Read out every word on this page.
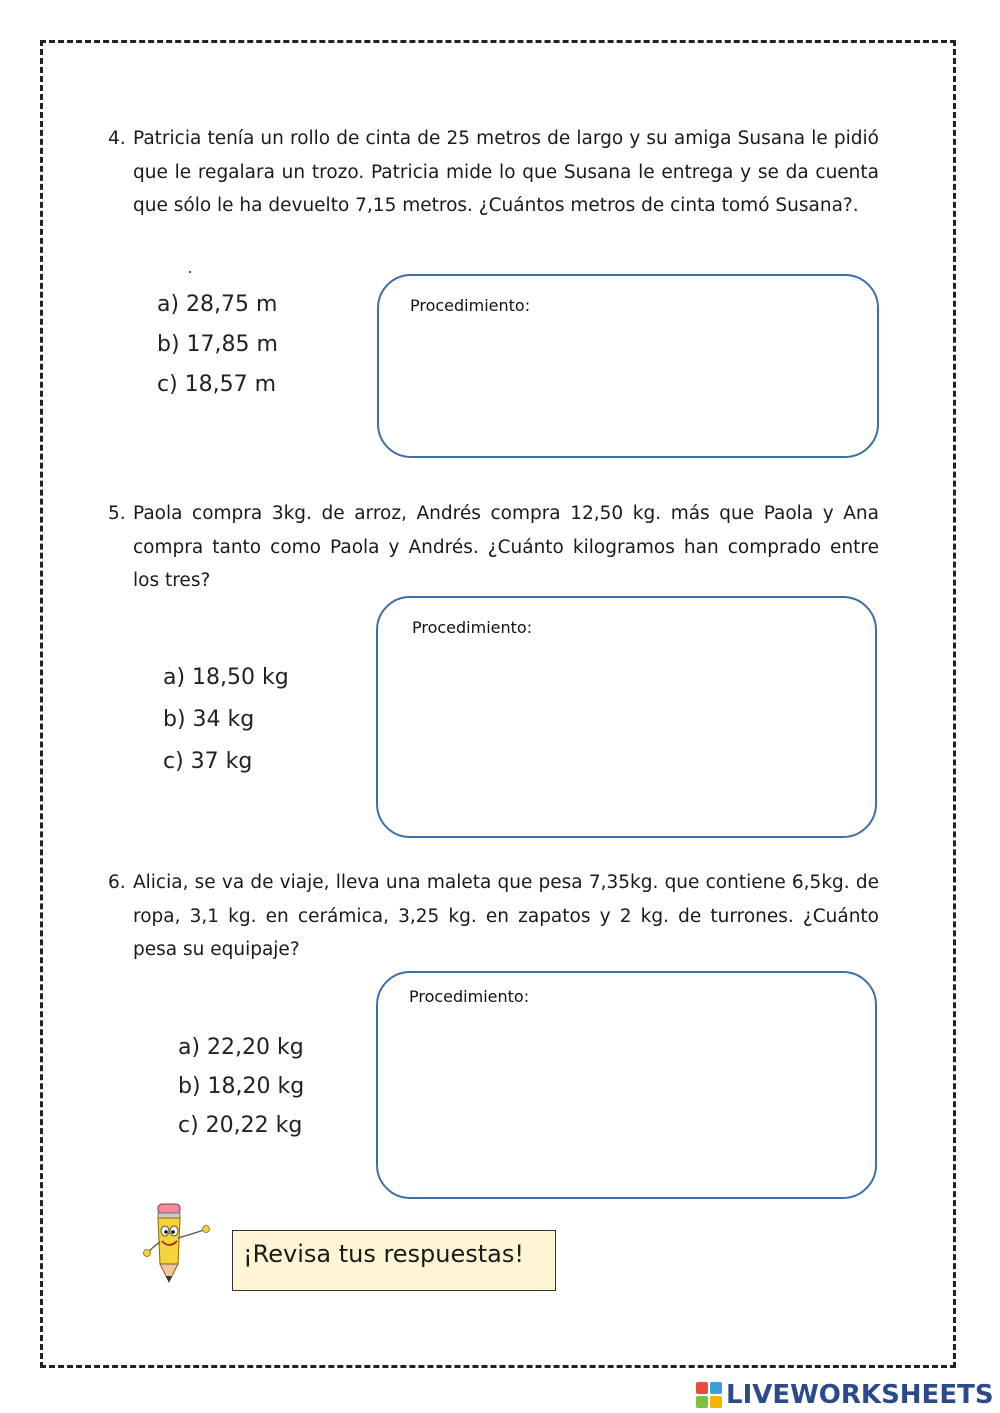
4. Patricia tenía un rollo de cinta de 25 metros de largo y su amiga Susana le pidió que le regalara un trozo. Patricia mide lo que Susana le entrega y se da cuenta que sólo le ha devuelto 7,15 metros. ¿Cuántos metros de cinta tomó Susana?.
a) 28,75 m
b) 17,85 m
c) 18,57 m
Procedimiento:
5. Paola compra 3kg. de arroz, Andrés compra 12,50 kg. más que Paola y Ana compra tanto como Paola y Andrés. ¿Cuánto kilogramos han comprado entre los tres?
a) 18,50 kg
b) 34 kg
c) 37 kg
Procedimiento:
6. Alicia, se va de viaje, lleva una maleta que pesa 7,35kg. que contiene 6,5kg. de ropa, 3,1 kg. en cerámica, 3,25 kg. en zapatos y 2 kg. de turrones. ¿Cuánto pesa su equipaje?
a) 22,20 kg
b) 18,20 kg
c) 20,22 kg
Procedimiento:
¡Revisa tus respuestas!
LIVEWORKSHEETS
